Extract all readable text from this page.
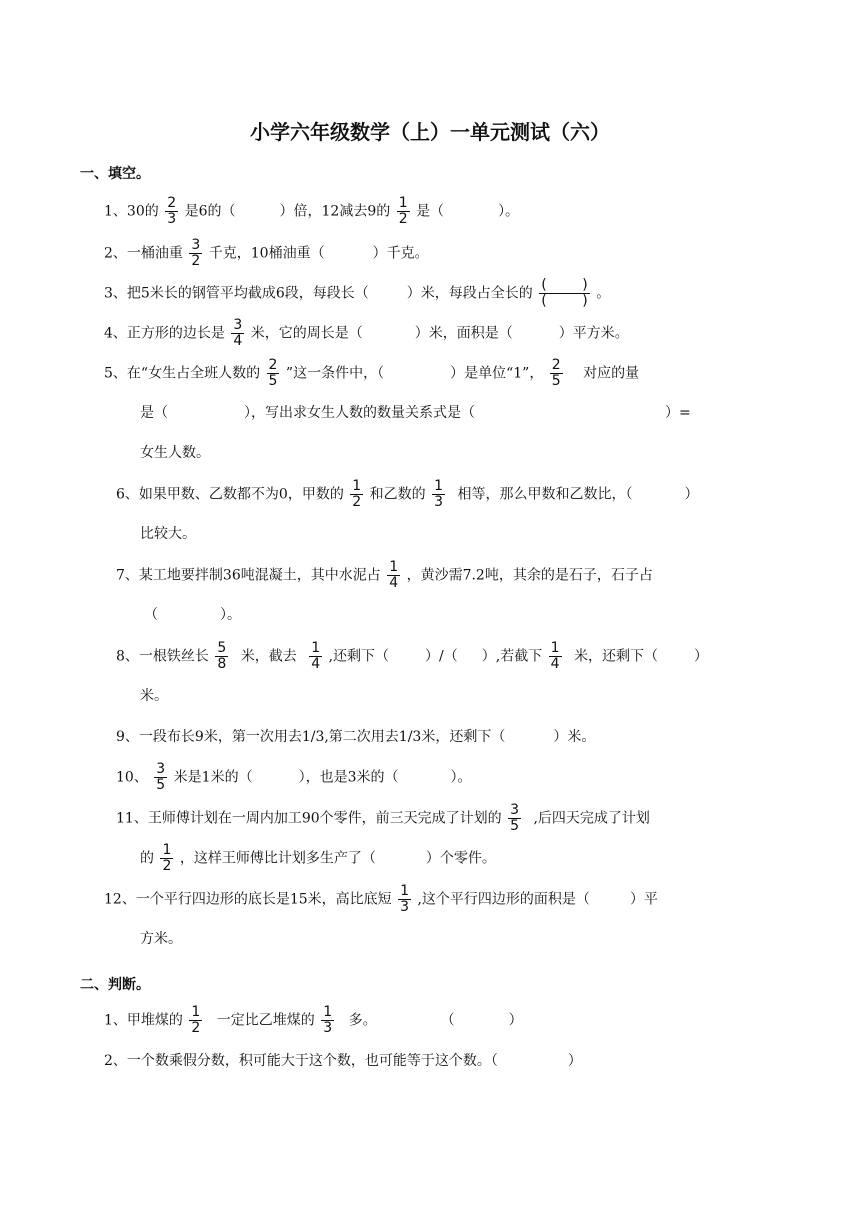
小学六年级数学（上）一单元测试（六）
一、填空。
1、30的 $\frac{2}{3}$ 是6的（	）倍，12减去9的 $\frac{1}{2}$ 是（	）。
2、一桶油重 $\frac{3}{2}$ 千克，10桶油重（	）千克。
3、把5米长的钢管平均截成6段，每段长（	）米，每段占全长的 $\frac{( )}{( )}$ 。
4、正方形的边长是 $\frac{3}{4}$ 米，它的周长是（	）米，面积是（	）平方米。
5、在“女生占全班人数的 $\frac{2}{5}$ ”这一条件中，（	）是单位“1”， $\frac{2}{5}$ 对应的量
是（	），写出求女生人数的数量关系式是（	）=
女生人数。
6、如果甲数、乙数都不为0，甲数的 $\frac{1}{2}$ 和乙数的 $\frac{1}{3}$ 相等，那么甲数和乙数比，（	）
比较大。
7、某工地要拌制36吨混凝土，其中水泥占 $\frac{1}{4}$ ，黄沙需7.2吨，其余的是石子，石子占
（	）。
8、一根铁丝长 $\frac{5}{8}$ 米，截去 $\frac{1}{4}$ ,还剩下（	）/（ ）,若截下 $\frac{1}{4}$ 米，还剩下（	）
米。
9、一段布长9米，第一次用去1/3,第二次用去1/3米，还剩下（	）米。
10、 $\frac{3}{5}$ 米是1米的（	），也是3米的（	）。
11、王师傅计划在一周内加工90个零件，前三天完成了计划的 $\frac{3}{5}$ ,后四天完成了计划
的 $\frac{1}{2}$ ，这样王师傅比计划多生产了（	）个零件。
12、一个平行四边形的底长是15米，高比底短 $\frac{1}{3}$ ,这个平行四边形的面积是（	）平
方米。
二、判断。
1、甲堆煤的 $\frac{1}{2}$ 一定比乙堆煤的 $\frac{1}{3}$ 多。	（	）
2、一个数乘假分数，积可能大于这个数，也可能等于这个数。（	）
